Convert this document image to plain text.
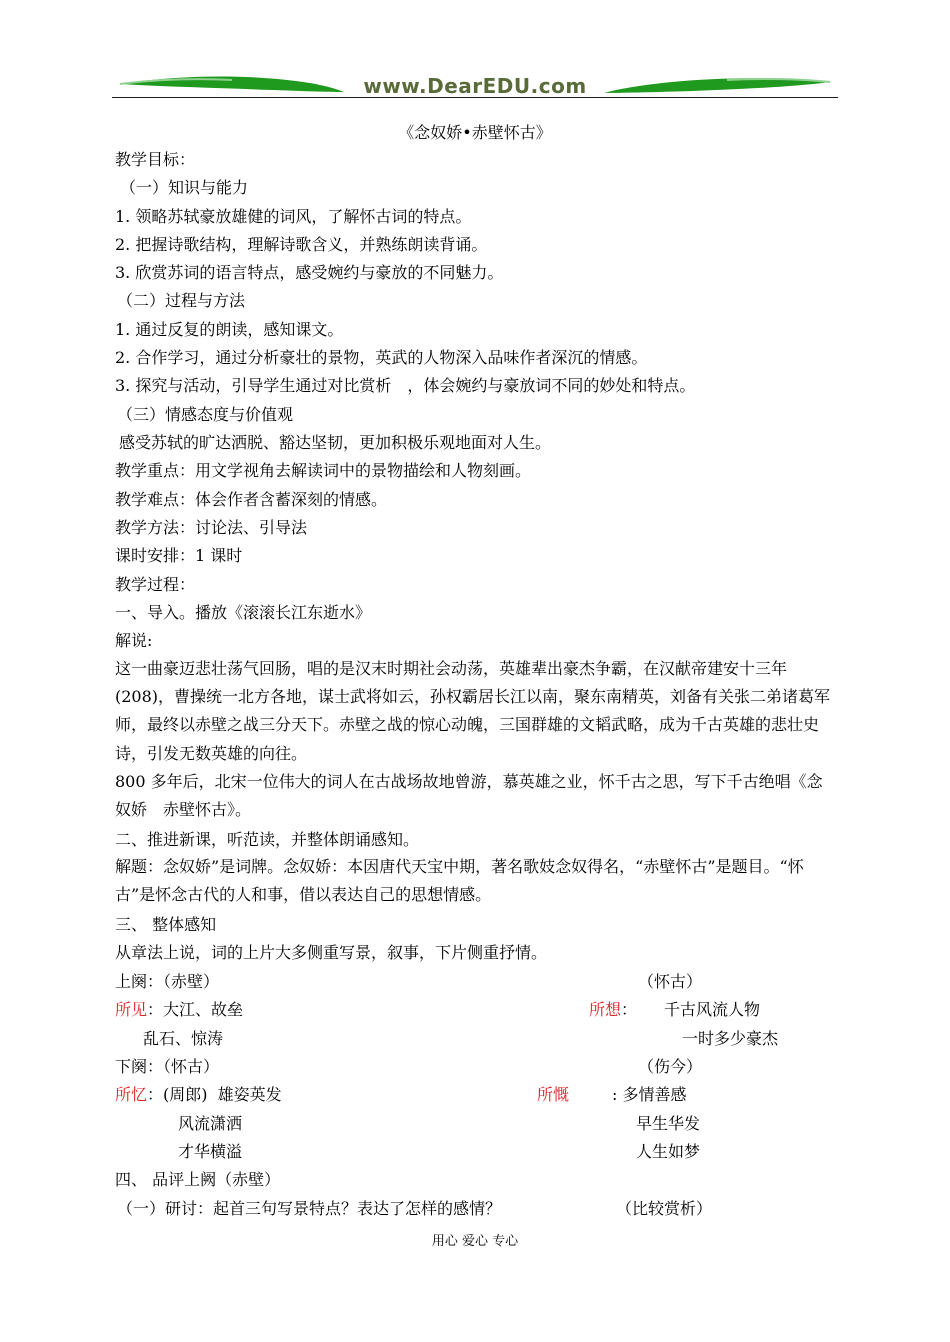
www.DearEDU.com
《念奴娇•赤壁怀古》
教学目标：
（一）知识与能力
1. 领略苏轼豪放雄健的词风，了解怀古词的特点。
2. 把握诗歌结构，理解诗歌含义，并熟练朗读背诵。
3. 欣赏苏词的语言特点，感受婉约与豪放的不同魅力。
（二）过程与方法
1. 通过反复的朗读，感知课文。
2. 合作学习，通过分析豪壮的景物，英武的人物深入品味作者深沉的情感。
3. 探究与活动，引导学生通过对比赏析　，体会婉约与豪放词不同的妙处和特点。
（三）情感态度与价值观
感受苏轼的旷达洒脱、豁达坚韧，更加积极乐观地面对人生。
教学重点：用文学视角去解读词中的景物描绘和人物刻画。
教学难点：体会作者含蓄深刻的情感。
教学方法：讨论法、引导法
课时安排：1 课时
教学过程：
一、导入。播放《滚滚长江东逝水》
解说:
这一曲豪迈悲壮荡气回肠，唱的是汉末时期社会动荡，英雄辈出豪杰争霸，在汉献帝建安十三年(208)，曹操统一北方各地，谋士武将如云，孙权霸居长江以南，聚东南精英，刘备有关张二弟诸葛军师，最终以赤壁之战三分天下。赤壁之战的惊心动魄，三国群雄的文韬武略，成为千古英雄的悲壮史诗，引发无数英雄的向往。
800 多年后，北宋一位伟大的词人在古战场故地曾游，慕英雄之业，怀千古之思，写下千古绝唱《念奴娇　赤壁怀古》。
二、推进新课，听范读，并整体朗诵感知。
解题：念奴娇”是词牌。念奴娇：本因唐代天宝中期，著名歌妓念奴得名，“赤壁怀古”是题目。“怀古”是怀念古代的人和事，借以表达自己的思想情感。
三、 整体感知
从章法上说，词的上片大多侧重写景，叙事，下片侧重抒情。
上阕：（赤壁）	（怀古）
所见：大江、故垒	所想： 千古风流人物
乱石、惊涛	一时多少豪杰
下阕：（怀古）	（伤今）
所忆：(周郎)  雄姿英发	所慨	: 多情善感
风流潇洒	早生华发
才华横溢	人生如梦
四、 品评上阙（赤壁）
（一）研讨：起首三句写景特点？表达了怎样的感情？	（比较赏析）
用心 爱心 专心
